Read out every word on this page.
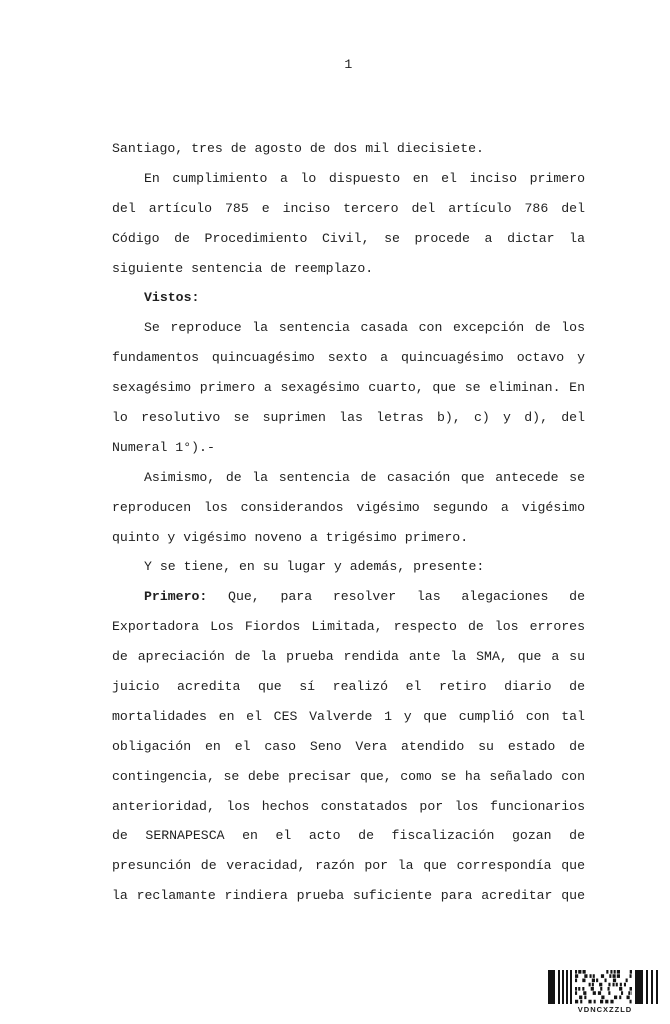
1
Santiago, tres de agosto de dos mil diecisiete.
En cumplimiento a lo dispuesto en el inciso primero
del artículo 785 e inciso tercero del artículo 786 del
Código de Procedimiento Civil, se procede a dictar la
siguiente sentencia de reemplazo.
Vistos:
Se reproduce la sentencia casada con excepción de los
fundamentos quincuagésimo sexto a quincuagésimo octavo y
sexagésimo primero a sexagésimo cuarto, que se eliminan. En
lo resolutivo se suprimen las letras b), c) y d), del
Numeral 1°).-
Asimismo, de la sentencia de casación que antecede se
reproducen los considerandos vigésimo segundo a vigésimo
quinto y vigésimo noveno a trigésimo primero.
Y se tiene, en su lugar y además, presente:
Primero: Que, para resolver las alegaciones de
Exportadora Los Fiordos Limitada, respecto de los errores
de apreciación de la prueba rendida ante la SMA, que a su
juicio acredita que sí realizó el retiro diario de
mortalidades en el CES Valverde 1 y que cumplió con tal
obligación en el caso Seno Vera atendido su estado de
contingencia, se debe precisar que, como se ha señalado con
anterioridad, los hechos constatados por los funcionarios
de SERNAPESCA en el acto de fiscalización gozan de
presunción de veracidad, razón por la que correspondía que
la reclamante rindiera prueba suficiente para acreditar que
VDNCXZZLD
